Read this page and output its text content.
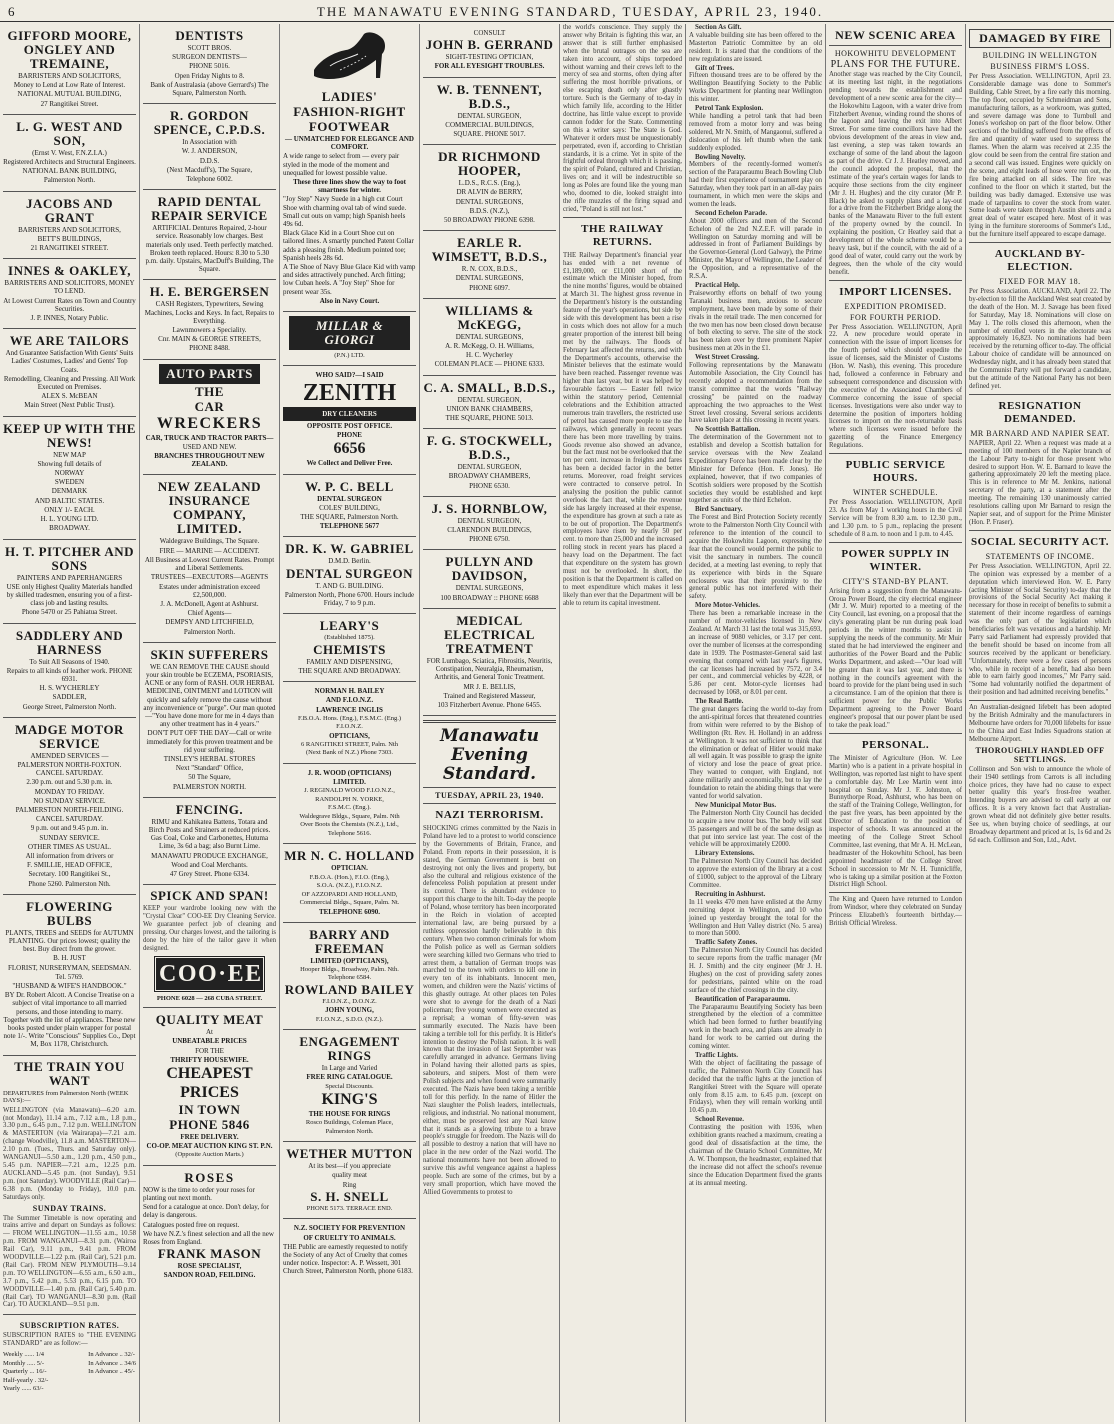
6	THE MANAWATU EVENING STANDARD, TUESDAY, APRIL 23, 1940.
GIFFORD MOORE, ONGLEY AND TREMAINE,
BARRISTERS AND SOLICITORS,
Money to Lend at Low Rate of Interest.
NATIONAL MUTUAL BUILDING,
27 Rangitikei Street.
L. G. WEST AND SON,
(Ernst V. West, F.N.Z.I.A.)
Registered Architects and Structural Engineers.
NATIONAL BANK BUILDING,
Palmerston North.
JACOBS AND GRANT
BARRISTERS AND SOLICITORS,
BETT'S BUILDINGS,
21 RANGITIKEI STREET.
INNES & OAKLEY,
BARRISTERS AND SOLICITORS, MONEY TO LEND.
At Lowest Current Rates on Town and Country Securities.
J. P. INNES, Notary Public.
WE ARE TAILORS
And Guarantee Satisfaction With Gents' Suits Ladies' Costumes, Ladies' and Gents' Top Coats.
Remodelling, Cleaning and Pressing. All Work Executed on Premises.
ALEX S. McBEAN
Main Street (Next Public Trust).
KEEP UP WITH THE NEWS!
NEW MAP
Showing full details of
NORWAY
SWEDEN
DENMARK
AND BALTIC STATES.
ONLY 1/- EACH.
H. L. YOUNG LTD.
BROADWAY.
H. T. PITCHER AND SONS
PAINTERS AND PAPERHANGERS
USE only Highest Quality Materials handled by skilled tradesmen, ensuring you of a first-class job and lasting results.
Phone 5470 or 25 Pahiatua Street.
SADDLERY AND HARNESS
To Suit All Seasons of 1940.
Repairs to all kinds of leather work. PHONE 6931.
H. S. WYCHERLEY
SADDLER,
George Street, Palmerston North.
MADGE MOTOR SERVICE
AMENDED SERVICES —
PALMERSTON NORTH-FOXTON. CANCEL SATURDAY.
2.30 p.m. out and 5.30 p.m. in.
MONDAY TO FRIDAY.
NO SUNDAY SERVICE.
PALMERSTON NORTH-FEILDING.
CANCEL SATURDAY.
9 p.m. out and 9.45 p.m. in.
SUNDAY SERVICE.
OTHER TIMES AS USUAL.
All information from drivers or
F. SMILLIE, HEAD OFFICE,
Secretary. 100 Rangitikei St.,
Phone 5260. Palmerston Nth.
FLOWERING BULBS
PLANTS, TREES and SEEDS for AUTUMN PLANTING. Our prices lowest; quality the best. Buy direct from the grower.
B. H. JUST
FLORIST, NURSERYMAN, SEEDSMAN.
Tel. 5769.
"HUSBAND & WIFE'S HANDBOOK."
BY Dr. Robert Alcott. A Concise Treatise on a subject of vital importance to all married persons, and those intending to marry. Together with the list of appliances. These new books posted under plain wrapper for postal note 1/-. Write "Conscious" Supplies Co., Dept M, Box 1178, Christchurch.
THE TRAIN YOU WANT
DEPARTURES from Palmerston North (WEEK DAYS):—
WELLINGTON (via Manawatu)—6.20 a.m. (not Monday), 11.14 a.m., 7.12 a.m., 1.8 p.m., 3.30 p.m., 6.45 p.m., 7.12 p.m. WELLINGTON & MASTERTON (via Wairarapa)—7.21 a.m. (change Woodville), 11.8 a.m. MASTERTON—2.10 p.m. (Tues., Thurs. and Saturday only). WANGANUI—5.50 a.m., 1.20 p.m., 4.50 p.m., 5.45 p.m. NAPIER—7.21 a.m., 12.25 p.m. AUCKLAND—5.45 p.m. (not Sunday), 9.51 p.m. (not Saturday). WOODVILLE (Rail Car)—6.38 p.m. (Monday to Friday), 10.0 p.m. Saturdays only.
SUNDAY TRAINS.
The Summer Timetable is now operating and trains arrive and depart on Sundays as follows:— FROM WELLINGTON—11.55 a.m., 10.58 p.m. FROM WANGANUI—8.31 p.m. (Wairoa Rail Car), 9.11 p.m., 9.41 p.m. FROM WOODVILLE—1.22 p.m. (Rail Car), 5.21 p.m. (Rail Car). FROM NEW PLYMOUTH—9.14 p.m. TO WELLINGTON—6.55 a.m., 6.50 a.m., 3.7 p.m., 5.42 p.m., 5.53 p.m., 6.15 p.m. TO WOODVILLE—1.40 p.m. (Rail Car), 5.40 p.m. (Rail Car). TO WANGANUI—8.30 p.m. (Rail Car). TO AUCKLAND—9.51 p.m.
SUBSCRIPTION RATES.
SUBSCRIPTION RATES to "THE EVENING STANDARD" are as follow:—
Weekly ...... 1/4
Monthly ..... 5/-
Quarterly ... 16/-
Half-yearly . 32/-
Yearly ...... 63/-
In Advance .. 32/-
In Advance .. 34/6
In Advance .. 45/-
DENTISTS
SCOTT BROS.
SURGEON DENTISTS—
PHONE 5016.
Open Friday Nights to 8.
Bank of Australasia (above Gerrard's) The Square, Palmerston North.
R. GORDON SPENCE, C.P.D.S.
In Association with
W. J. ANDERSON,
D.D.S.
(Next Macduff's), The Square,
Telephone 6002.
RAPID DENTAL REPAIR SERVICE
ARTIFICIAL Dentures Repaired, 2-hour service. Reasonably low charges. Best materials only used. Teeth perfectly matched. Broken teeth replaced. Hours: 8.30 to 5.30 p.m. daily. Upstairs, MacDuff's Building, The Square.
H. E. BERGERSEN
CASH Registers, Typewriters, Sewing Machines, Locks and Keys. In fact, Repairs to Everything.
Lawnmowers a Speciality.
Cnr. MAIN & GEORGE STREETS,
PHONE 8488.
AUTO PARTS
THE
CAR
WRECKERS
CAR, TRUCK AND TRACTOR PARTS—
USED AND NEW.
BRANCHES THROUGHOUT NEW ZEALAND.
NEW ZEALAND INSURANCE COMPANY, LIMITED.
Waldegrave Buildings, The Square.
FIRE — MARINE — ACCIDENT.
All Business at Lowest Current Rates. Prompt and Liberal Settlements.
TRUSTEES—EXECUTORS—AGENTS
Estates under administration exceed £2,500,000.
J. A. McDonell, Agent at Ashhurst.
Chief Agents—
DEMPSY AND LITCHFIELD,
Palmerston North.
SKIN SUFFERERS
WE CAN REMOVE THE CAUSE should your skin trouble be ECZEMA, PSORIASIS, ACNE or any form of RASH. OUR HERBAL MEDICINE, OINTMENT and LOTION will quickly and safely remove the cause without any inconvenience or "purge". Our man quoted—"You have done more for me in 4 days than any other treatment has in 4 years."
DON'T PUT OFF THE DAY—Call or write immediately for this proven treatment and be rid your suffering.
TINSLEY'S HERBAL STORES
Next "Standard" Office,
50 The Square,
PALMERSTON NORTH.
FENCING.
RIMU and Kahikatea Battens, Totara and Birch Posts and Strainers at reduced prices. Gas Coal, Coke and Carbonettes, Hutuma Lime, 3s 6d a bag; also Burnt Lime.
MANAWATU PRODUCE EXCHANGE,
Wood and Coal Merchants.
47 Grey Street. Phone 6334.
SPICK AND SPAN!
KEEP your wardrobe looking new with the "Crystal Clear" COO-EE Dry Cleaning Service. We guarantee perfect job of cleaning and pressing. Our charges lowest, and the tailoring is done by the hire of the tailor gave it when designed.
COO·EE
PHONE 6028 — 268 CUBA STREET.
QUALITY MEAT
At
UNBEATABLE PRICES
FOR THE
THRIFTY HOUSEWIFE.
CHEAPEST
PRICES
IN TOWN
PHONE 5846
FREE DELIVERY.
CO-OP. MEAT AUCTION KING ST. P.N.
(Opposite Auction Marts.)
ROSES
NOW is the time to order your roses for planting out next month.
Send for a catalogue at once. Don't delay, for delay is dangerous.
Catalogues posted free on request.
We have N.Z.'s finest selection and all the new Roses from England.
FRANK MASON
ROSE SPECIALIST,
SANDON ROAD, FEILDING.
LADIES'
FASHION-RIGHT
FOOTWEAR
— UNMATCHED FOR ELEGANCE AND COMFORT.
A wide range to select from — every pair styled in the mode of the moment and unequalled for lowest possible value.
These three lines show the way to foot smartness for winter.
"Joy Step" Navy Suede in a high cut Court Shoe with charming oval tab of wind suede. Small cut outs on vamp; high Spanish heels 49s 6d.
Black Glace Kid in a Court Shoe cut on tailored lines. A smartly punched Patent Collar adds a pleasing finish. Medium pointed toe; Spanish heels 28s 6d.
A Tie Shoe of Navy Blue Glace Kid with vamp and sides attractively punched. Arch fitting; low Cuban heels. A "Joy Step" Shoe for present wear 35s.
Also in Navy Court.
MILLAR & GIORGI
(P.N.) LTD.
WHO SAID?—I SAID
ZENITH
DRY CLEANERS
OPPOSITE POST OFFICE.
PHONE
6656
We Collect and Deliver Free.
W. P. C. BELL
DENTAL SURGEON
COLES' BUILDING,
THE SQUARE, Palmerston North.
TELEPHONE 5677
DR. K. W. GABRIEL
D.M.D. Berlin.
DENTAL SURGEON
T. AND G. BUILDING.
Palmerston North, Phone 6700. Hours include Friday, 7 to 9 p.m.
LEARY'S
(Established 1875).
CHEMISTS
FAMILY AND DISPENSING,
THE SQUARE AND BROADWAY.
NORMAN H. BAILEY
AND F.I.O.N.Z.
LAWRENCE INGLIS
F.B.O.A. Hons. (Eng.), F.S.M.C. (Eng.)
F.I.O.N.Z.
OPTICIANS,
6 RANGITIKEI STREET, Palm. Nth
(Next Bank of N.Z.) Phone 7303.
J. R. WOOD (OPTICIANS)
LIMITED.
J. REGINALD WOOD F.I.O.N.Z.,
RANDOLPH N. YORKE,
F.S.M.C. (Eng.).
Waldegrave Bldgs., Square, Palm. Nth
Over Boots the Chemists (N.Z.), Ltd.,
Telephone 5616.
MR N. C. HOLLAND
OPTICIAN.
F.B.O.A. (Hon.), F.I.O. (Eng.),
S.O.A. (N.Z.), F.I.O.N.Z.
OF AZZOPARDI AND HOLLAND,
Commercial Bldgs., Square, Palm. Nt.
TELEPHONE 6090.
BARRY AND FREEMAN
LIMITED (OPTICIANS),
Hooper Bldgs., Broadway, Palm. Nth.
Telephone 6584.
ROWLAND BAILEY
F.I.O.N.Z., D.O.N.Z.
JOHN YOUNG,
F.I.O.N.Z., S.D.O. (N.Z.).
ENGAGEMENT RINGS
In Large and Varied
FREE RING CATALOGUE.
Special Discounts.
KING'S
THE HOUSE FOR RINGS
Rosco Buildings, Coleman Place,
Palmerston North.
WETHER MUTTON
At its best—if you appreciate
quality meat
Ring
S. H. SNELL
PHONE 5173. TERRACE END.
N.Z. SOCIETY FOR PREVENTION
OF CRUELTY TO ANIMALS.
THE Public are earnestly requested to notify the Society of any Act of Cruelty that comes under notice. Inspector: A. P. Wessett, 301 Church Street, Palmerston North, phone 6183.
CONSULT
JOHN B. GERRAND
SIGHT-TESTING OPTICIAN,
FOR ALL EYESIGHT TROUBLES.
W. B. TENNENT, B.D.S.,
DENTAL SURGEON,
COMMERCIAL BUILDINGS,
SQUARE. PHONE 5017.
DR RICHMOND HOOPER,
L.D.S., R.C.S. (Eng.),
DR ALVIN de BERRY,
DENTAL SURGEONS,
B.D.S. (N.Z.),
50 BROADWAY PHONE 6398.
EARLE R. WIMSETT, B.D.S.,
R. N. COX, B.D.S.,
DENTAL SURGEONS,
PHONE 6097.
WILLIAMS & McKEGG,
DENTAL SURGEONS,
A. R. McKegg, O. H. Williams,
H. C. Wycherley
COLEMAN PLACE — PHONE 6333.
C. A. SMALL, B.D.S.,
DENTAL SURGEON,
UNION BANK CHAMBERS,
THE SQUARE, PHONE 5013.
F. G. STOCKWELL, B.D.S.,
DENTAL SURGEON,
BROADWAY CHAMBERS,
PHONE 6530.
J. S. HORNBLOW,
DENTAL SURGEON,
CLARENDON BUILDINGS,
PHONE 6750.
PULLYN AND DAVIDSON,
DENTAL SURGEONS,
100 BROADWAY :: PHONE 6688
MEDICAL ELECTRICAL TREATMENT
FOR Lumbago, Sciatica, Fibrositis, Neuritis, Constipation, Neuralgia, Rheumatism, Arthritis, and General Tonic Treatment.
MR J. E. BELLIS,
Trained and Registered Masseur,
103 Fitzherbert Avenue. Phone 6455.
Manawatu Evening Standard.
TUESDAY, APRIL 23, 1940.
NAZI TERRORISM.
SHOCKING crimes committed by the Nazis in Poland have led to a protest to world conscience by the Governments of Britain, France, and Poland. From reports in their possession, it is stated, the German Government is bent on destroying not only the lives and property, but also the cultural and religious existence of the defenceless Polish population at present under its control. There is abundant evidence to support this charge to the hilt. To-day the people of Poland, whose territory has been incorporated in the Reich in violation of accepted international law, are being pursued by a ruthless oppression hardly believable in this century. When two common criminals for whom the Polish police as well as German soldiers were searching killed two Germans who tried to arrest them, a battalion of German troops was marched to the town with orders to kill one in every ten of its inhabitants. Innocent men, women, and children were the Nazis' victims of this ghastly outrage. At other places ten Poles were shot to avenge for the death of a Nazi policeman; five young women were executed as a reprisal; a woman of fifty-seven was summarily executed. The Nazis have been taking a terrible toll for this perfidy. It is Hitler's intention to destroy the Polish nation. It is well known that the invasion of last September was carefully arranged in advance. Germans living in Poland having their allotted parts as spies, saboteurs, and snipers. Most of them were Polish subjects and when found were summarily executed. The Nazis have been taking a terrible toll for this perfidy. In the name of Hitler the Nazi slaughter the Polish leaders, intellectuals, religious, and industrial. No national monument, either, must be preserved lest any Nazi know that it stands as a glowing tribute to a brave people's struggle for freedom. The Nazis will do all possible to destroy a nation that will have no place in the new order of the Nazi world. The national monuments have not been allowed to survive this awful vengeance against a hapless people. Such are some of the crimes, but by a very small proportion, which have moved the Allied Governments to protest to
the world's conscience. They supply the answer why Britain is fighting this war, an answer that is still further emphasised when the brutal outrages on the sea are taken into account, of ships torpedoed without warning and their crews left to the mercy of sea and storms, often dying after suffering the most horrible privations, or else escaping death only after ghastly torture. Such is the Germany of to-day in which family life, according to the Hitler doctrine, has little value except to provide cannon fodder for the State. Commenting on this a writer says: The State is God. Whatever it orders must be unquestionably perpetrated, even if, according to Christian standards, it is a crime. Yet in spite of the frightful ordeal through which it is passing, the spirit of Poland, cultured and Christian, lives on; and it will be indestructible so long as Poles are found like the young man who, doomed to die, looked straight into the rifle muzzles of the firing squad and cried, "Poland is still not lost."
THE RAILWAY RETURNS.
THE Railway Department's financial year has ended with a net revenue of £1,189,000, or £11,000 short of the estimate which the Minister hoped, from the nine months' figures, would be obtained at March 31. The highest gross revenue in the Department's history is the outstanding feature of the year's operations, but side by side with this development has been a rise in costs which does not allow for a much greater proportion of the interest bill being met by the railways. The floods of February last affected the returns, and with the Department's accounts, otherwise the Minister believes that the estimate would have been reached. Passenger revenue was higher than last year, but it was helped by favourable factors — Easter fell twice within the statutory period, Centennial celebrations and the Exhibition attracted numerous train travellers, the restricted use of petrol has caused more people to use the railways, which generally in recent years there has been more travelling by trains. Goods revenue also showed an advance, but the fact must not be overlooked that the ten per cent. increase in freights and fares has been a decided factor in the better returns. Moreover, road freight services were contracted to conserve petrol. In analysing the position the public cannot overlook the fact that, while the revenue side has largely increased at their expense, the expenditure has grown at such a rate as to be out of proportion. The Department's employees have risen by nearly 50 per cent. to more than 25,000 and the increased rolling stock in recent years has placed a heavy load on the Department. The fact that expenditure on the system has grown must not be overlooked. In short, the position is that the Department is called on to meet expenditure which makes it less likely than ever that the Department will be able to return its capital investment.

Section As Gift.
A valuable building site has been offered to the Masterton Patriotic Committee by an old resident. It is stated that the conditions of the new regulations are issued.

Gift of Trees.
Fifteen thousand trees are to be offered by the Wellington Beautifying Society to the Public Works Department for planting near Wellington this winter.

Petrol Tank Explosion.
While handling a petrol tank that had been removed from a motor lorry and was being soldered, Mr N. Smith, of Mangaonui, suffered a dislocation of his left thumb when the tank suddenly exploded.

Bowling Novelty.
Members of the recently-formed women's section of the Paraparaumu Beach Bowling Club had their first experience of tournament play on Saturday, when they took part in an all-day pairs tournament, in which men were the skips and women the leads.

Second Echelon Parade.
About 2000 officers and men of the Second Echelon of the 2nd N.Z.E.F. will parade in Wellington on Saturday morning and will be addressed in front of Parliament Buildings by the Governor-General (Lord Galway), the Prime Minister, the Mayor of Wellington, the Leader of the Opposition, and a representative of the R.S.A.

Practical Help.
Praiseworthy efforts on behalf of two young Taranaki business men, anxious to secure employment, have been made by some of their rivals in the retail trade. The men concerned for the two men has now been closed down because of both electing to serve. The site of the stock has been taken over by three prominent Napier business men at 20s in the £1.

West Street Crossing.
Following representations by the Manawatu Automobile Association, the City Council has recently adopted a recommendation from the transit committee that the words "Railway crossing" be painted on the roadway approaching the two approaches to the West Street level crossing. Several serious accidents have taken place at this crossing in recent years.

No Scottish Battalion.
The determination of the Government not to establish and develop a Scottish battalion for service overseas with the New Zealand Expeditionary Force has been made clear by the Minister for Defence (Hon. F. Jones). He explained, however, that if two companies of Scottish soldiers were proposed by the Scottish societies they would be established and kept together as units of the third Echelon.

Bird Sanctuary.
The Forest and Bird Protection Society recently wrote to the Palmerston North City Council with reference to the intention of the council to acquire the Hokowhitu Lagoon, expressing the fear that the council would permit the public to visit the sanctuary in numbers. The council decided, at a meeting last evening, to reply that its experience with birds in the Square enclosures was that their proximity to the general public has not interfered with their safety.

More Motor-Vehicles.
There has been a remarkable increase in the number of motor-vehicles licensed in New Zealand. At March 31 last the total was 315,693, an increase of 9080 vehicles, or 3.17 per cent. over the number of licenses at the corresponding date in 1939. The Postmaster-General said last evening that compared with last year's figures, the car licenses had increased by 7572, or 3.4 per cent., and commercial vehicles by 4228, or 5.86 per cent. Motor-cycle licenses had decreased by 1068, or 8.01 per cent.

The Real Battle.
The great dangers facing the world to-day from the anti-spiritual forces that threatened countries from within were referred to by the Bishop of Wellington (Rt. Rev. H. Holland) in an address at Wellington. It was not sufficient to think that the elimination or defeat of Hitler would make all well again. It was possible to grasp the ignite of victory and lose the peace of great price. They wanted to conquer, with England, not alone militarily and economically, but to lay the foundation to retain the abiding things that were vanted for world salvation.

New Municipal Motor Bus.
The Palmerston North City Council has decided to acquire a new motor bus. The body will seat 35 passengers and will be of the same design as that put into service last year. The cost of the vehicle will be approximately £2000.

Library Extensions.
The Palmerston North City Council has decided to approve the extension of the library at a cost of £1000, subject to the approval of the Library Committee.

Recruiting in Ashhurst.
In 11 weeks 470 men have enlisted at the Army recruiting depot in Wellington, and 10 who joined up yesterday brought the total for the Wellington and Hutt Valley district (No. 5 area) to more than 5000.

Traffic Safety Zones.
The Palmerston North City Council has decided to secure reports from the traffic manager (Mr H. J. Smith) and the city engineer (Mr J. H. Hughes) on the cost of providing safety zones for pedestrians, painted white on the road surface of the chief crossings in the city.

Beautification of Paraparaumu.
The Paraparaumu Beautifying Society has been strengthened by the election of a committee which had been formed to further beautifying work in the beach area, and plans are already in hand for work to be carried out during the coming winter.

Traffic Lights.
With the object of facilitating the passage of traffic, the Palmerston North City Council has decided that the traffic lights at the junction of Rangitikei Street with the Square will operate only from 8.15 a.m. to 6.45 p.m. (except on Fridays), when they will remain working until 10.45 p.m.

School Revenue.
Contrasting the position with 1936, when exhibition grants reached a maximum, creating a good deal of dissatisfaction at the time, the chairman of the Ontario School Committee, Mr A. W. Thompson, the headmaster, explained that the increase did not affect the school's revenue since the Education Department fixed the grants at its annual meeting.

NEW SCENIC AREA
HOKOWHITU DEVELOPMENT
PLANS FOR THE FUTURE.
Another stage was reached by the City Council, at its meeting last night, in the negotiations pending towards the establishment and development of a new scenic area for the city—the Hokowhitu Lagoon, with a water drive from Fitzherbert Avenue, winding round the shores of the lagoon and leaving the exit into Albert Street. For some time councillors have had the obvious development of the areas in view and, last evening, a step was taken towards an exchange of some of the land about the lagoon as part of the drive. Cr J. J. Heatley moved, and the council adopted the proposal, that the estimate of the year's certain wages for lands to acquire those sections from the city engineer (Mr J. H. Hughes) and the city curator (Mr P. Black) be asked to supply plans and a lay-out for a drive from the Fitzherbert Bridge along the banks of the Manawatu River to the full extent of the property owned by the council. In explaining the position, Cr Heatley said that a development of the whole scheme would be a heavy task, but if the council, with the aid of a good deal of water, could carry out the work by degrees, then the whole of the city would benefit.
IMPORT LICENSES.
EXPEDITION PROMISED.
FOR FOURTH PERIOD.
Per Press Association. WELLINGTON, April 22. A new procedure would operate in connection with the issue of import licenses for the fourth period which should expedite the issue of licenses, said the Minister of Customs (Hon. W. Nash), this evening. This procedure had, followed a conference in February and subsequent correspondence and discussion with the executive of the Associated Chambers of Commerce concerning the issue of special licenses. Investigations were also under way to determine the position of importers holding licenses to import on the non-returnable basis where such licenses were issued before the gazetting of the Finance Emergency Regulations.
PUBLIC SERVICE HOURS.
WINTER SCHEDULE.
Per Press Association. WELLINGTON, April 23. As from May 1 working hours in the Civil Service will be from 8.30 a.m. to 12.30 p.m., and 1.30 p.m. to 5 p.m., replacing the present schedule of 8 a.m. to noon and 1 p.m. to 4.45.
POWER SUPPLY IN WINTER.
CITY'S STAND-BY PLANT.
Arising from a suggestion from the Manawatu-Oroua Power Board, the city electrical engineer (Mr J. W. Muir) reported to a meeting of the City Council, last evening, on a proposal that the city's generating plant be run during peak load periods in the winter months to assist in supplying the needs of the community. Mr Muir stated that he had interviewed the engineer and authorities of the Power Board and the Public Works Department, and asked:—"Our load will be greater than it was last year, and there is nothing in the council's agreement with the board to provide for the plant being used in such a circumstance. I am of the opinion that there is sufficient power for the Public Works Department agreeing to the Power Board engineer's proposal that our power plant be used to take the peak load."
PERSONAL.
The Minister of Agriculture (Hon. W. Lee Martin) who is a patient in a private hospital in Wellington, was reported last night to have spent a comfortable day. Mr Lee Martin went into hospital on Sunday. Mr J. F. Johnston, of Bunnythorpe Road, Ashhurst, who has been on the staff of the Training College, Wellington, for the past five years, has been appointed by the Director of Education to the position of inspector of schools. It was announced at the meeting of the College Street School Committee, last evening, that Mr A. H. McLean, headmaster of the Hokowhitu School, has been appointed headmaster of the College Street School in succession to Mr N. H. Tunnicliffe, who is taking up a similar position at the Foxton District High School.
The King and Queen have returned to London from Windsor, where they celebrated on Sunday Princess Elizabeth's fourteenth birthday.—British Official Wireless.
DAMAGED BY FIRE
BUILDING IN WELLINGTON
BUSINESS FIRM'S LOSS.
Per Press Association. WELLINGTON, April 23. Considerable damage was done to Sommer's Building, Cable Street, by a fire early this morning. The top floor, occupied by Schmeidman and Sons, manufacturing tailors, as a workroom, was gutted, and severe damage was done to Turnbull and Jones's workshop on part of the floor below. Other sections of the building suffered from the effects of fire and quantity of water used to suppress the flames. When the alarm was received at 2.35 the glow could be seen from the central fire station and a second call was issued. Engines were quickly on the scene, and eight leads of hose were run out, the fire being attacked on all sides. The fire was confined to the floor on which it started, but the building was badly damaged. Extensive use was made of tarpaulins to cover the stock from water. Some loads were taken through Austin sheets and a great deal of water escaped here. Most of it was lying in the furniture storerooms of Sommer's Ltd., but the furniture itself appeared to escape damage.
AUCKLAND BY-ELECTION.
FIXED FOR MAY 18.
Per Press Association. AUCKLAND, April 22. The by-election to fill the Auckland West seat created by the death of the Hon. M. J. Savage has been fixed for Saturday, May 18. Nominations will close on May 1. The rolls closed this afternoon, when the number of enrolled voters in the electorate was approximately 16,823. No nominations had been received by the returning officer to-day. The official Labour choice of candidate will be announced on Wednesday night, and it has already been stated that the Communist Party will put forward a candidate, but the attitude of the National Party has not been defined yet.
RESIGNATION DEMANDED.
MR BARNARD AND NAPIER SEAT.
NAPIER, April 22. When a request was made at a meeting of 100 members of the Napier branch of the Labour Party to-night for those present who desired to support Hon. W. E. Barnard to leave the gathering approximately 20 left the meeting place. This is in reference to Mr M. Jenkins, national secretary of the party, at a statement after the meeting. The remaining 130 unanimously carried resolutions calling upon Mr Barnard to resign the Napier seat, and of support for the Prime Minister (Hon. P. Fraser).
SOCIAL SECURITY ACT.
STATEMENTS OF INCOME.
Per Press Association. WELLINGTON, April 22. The opinion was expressed by a member of a deputation which interviewed Hon. W. E. Parry (acting Minister of Social Security) to-day that the provisions of the Social Security Act making it necessary for those in receipt of benefits to submit a statement of their income regardless of earnings was the only part of the legislation which beneficiaries felt was vexatious and a hardship. Mr Parry said Parliament had expressly provided that the benefit should be based on income from all sources received by the applicant or beneficiary. "Unfortunately, there were a few cases of persons who, while in receipt of a benefit, had also been able to earn fairly good incomes," Mr Parry said. "Some had voluntarily notified the department of their position and had admitted receiving benefits."
An Australian-designed lifebelt has been adopted by the British Admiralty and the manufacturers in Melbourne have orders for 70,000 lifebelts for issue to the China and East Indies Squadrons station at Melbourne Airport.
THOROUGHLY HANDLED OFF SETTLINGS.
Collinson and Son wish to announce the whole of their 1940 settlings from Carrots is all including choice prices, they have had no cause to expect better quality this year's frost-free weather. Intending buyers are advised to call early at our offices. It is a very known fact that Australian-grown wheat did not definitely give better results. See us, when buying choice of seedlings, at our Broadway department and priced at 1s, 1s 6d and 2s 6d each. Collinson and Son, Ltd., Advt.
